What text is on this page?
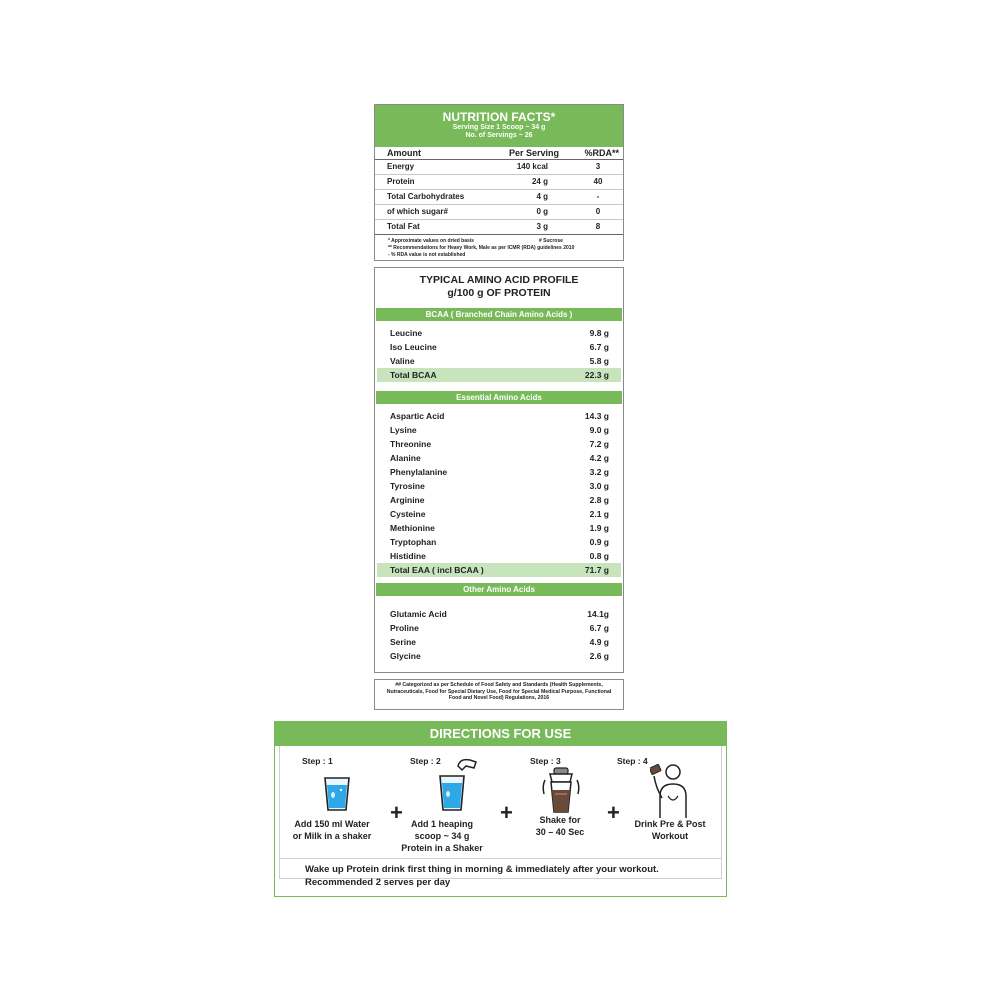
NUTRITION FACTS*
Serving Size 1 Scoop ~ 34 g
No. of Servings ~ 26
Amount	Per Serving	%RDA**
Energy	140 kcal	3
Protein	24 g	40
Total Carbohydrates	4 g	-
of which sugar#	0 g	0
Total Fat	3 g	8
* Approximate values on dried basis	# Sucrose
** Recommendations for Heavy Work, Male as per ICMR (RDA) guidelines 2010
- % RDA value is not established
TYPICAL AMINO ACID PROFILE
g/100 g OF PROTEIN
BCAA ( Branched Chain Amino Acids )
Essential Amino Acids
Other Amino Acids
Leucine	9.8 g
Iso Leucine	6.7 g
Valine	5.8 g
Total BCAA	22.3 g
Aspartic Acid	14.3 g
Lysine	9.0 g
Threonine	7.2 g
Alanine	4.2 g
Phenylalanine	3.2 g
Tyrosine	3.0 g
Arginine	2.8 g
Cysteine	2.1 g
Methionine	1.9 g
Tryptophan	0.9 g
Histidine	0.8 g
Total EAA ( incl BCAA )	71.7 g
Glutamic Acid	14.1g
Proline	6.7 g
Serine	4.9 g
Glycine	2.6 g
## Categorized as per Schedule of Food Safety and Standards (Health Supplements, Nutraceuticals, Food for Special Dietary Use, Food for Special Medical Purpose, Functional Food and Novel Food) Regulations, 2016
DIRECTIONS FOR USE
Step : 1	Step : 2	Step : 3	Step : 4
+	+	+
Add 150 ml Water
or Milk in a shaker
Add 1 heaping
scoop ~ 34 g
Protein in a Shaker
Shake for
30 – 40 Sec
Drink Pre & Post
Workout
Wake up Protein drink first thing in morning & immediately after your workout.
Recommended 2 serves per day
